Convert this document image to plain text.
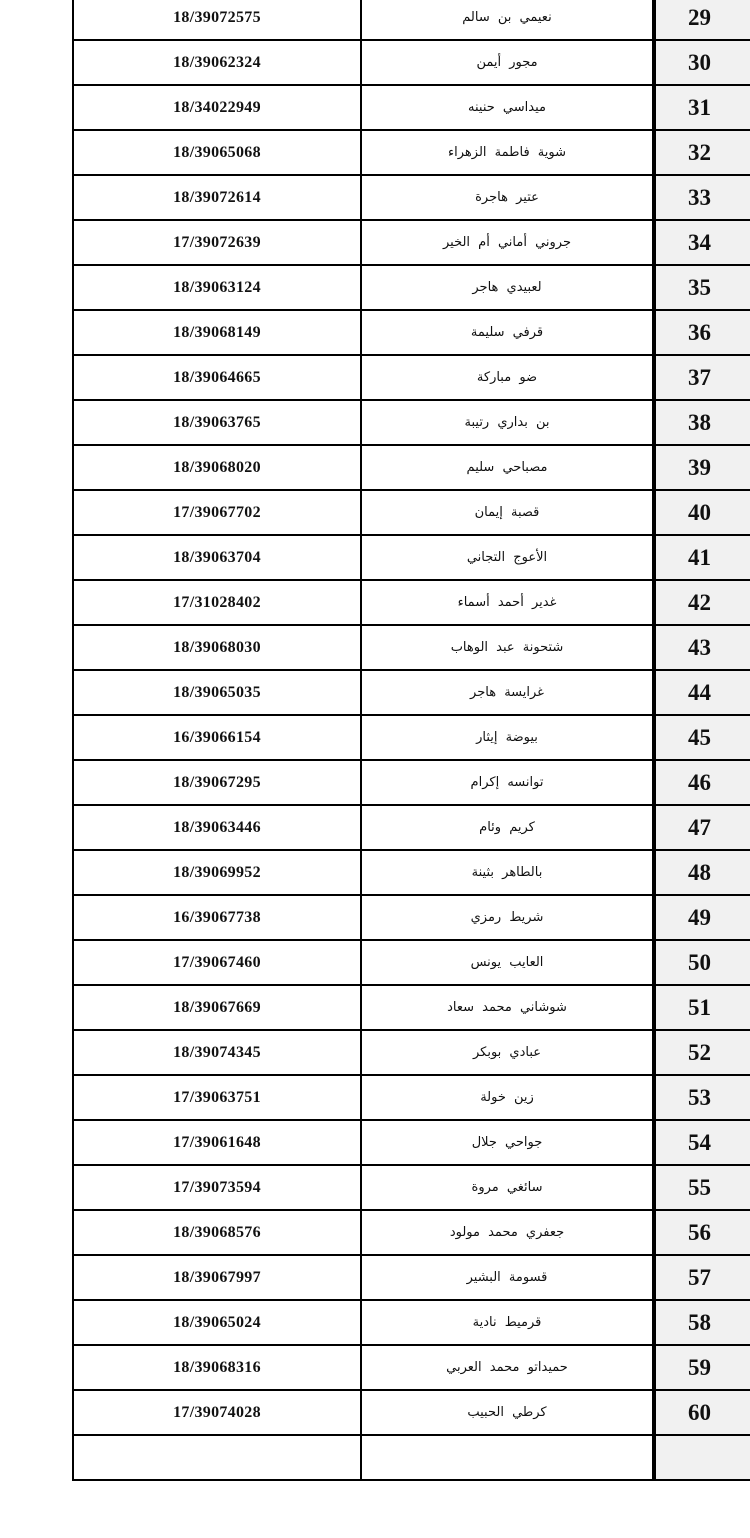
18/39072575	نعيمي بن سالم	29
18/39062324	مجور أيمن	30
18/34022949	ميداسي حنينه	31
18/39065068	شوية فاطمة الزهراء	32
18/39072614	عتير هاجرة	33
17/39072639	جروني أماني أم الخير	34
18/39063124	لعبيدي هاجر	35
18/39068149	قرفي سليمة	36
18/39064665	ضو مباركة	37
18/39063765	بن بداري رتيبة	38
18/39068020	مصباحي سليم	39
17/39067702	قصبة إيمان	40
18/39063704	الأعوج التجاني	41
17/31028402	غدير أحمد أسماء	42
18/39068030	شتحونة عبد الوهاب	43
18/39065035	غرايسة هاجر	44
16/39066154	بيوضة إيثار	45
18/39067295	توانسه إكرام	46
18/39063446	كريم وئام	47
18/39069952	بالطاهر بثينة	48
16/39067738	شريط رمزي	49
17/39067460	العايب يونس	50
18/39067669	شوشاني محمد سعاد	51
18/39074345	عبادي بوبكر	52
17/39063751	زين خولة	53
17/39061648	جواحي جلال	54
17/39073594	سائغي مروة	55
18/39068576	جعفري محمد مولود	56
18/39067997	قسومة البشير	57
18/39065024	قرميط نادية	58
18/39068316	حميداتو محمد العربي	59
17/39074028	كرطي الحبيب	60
